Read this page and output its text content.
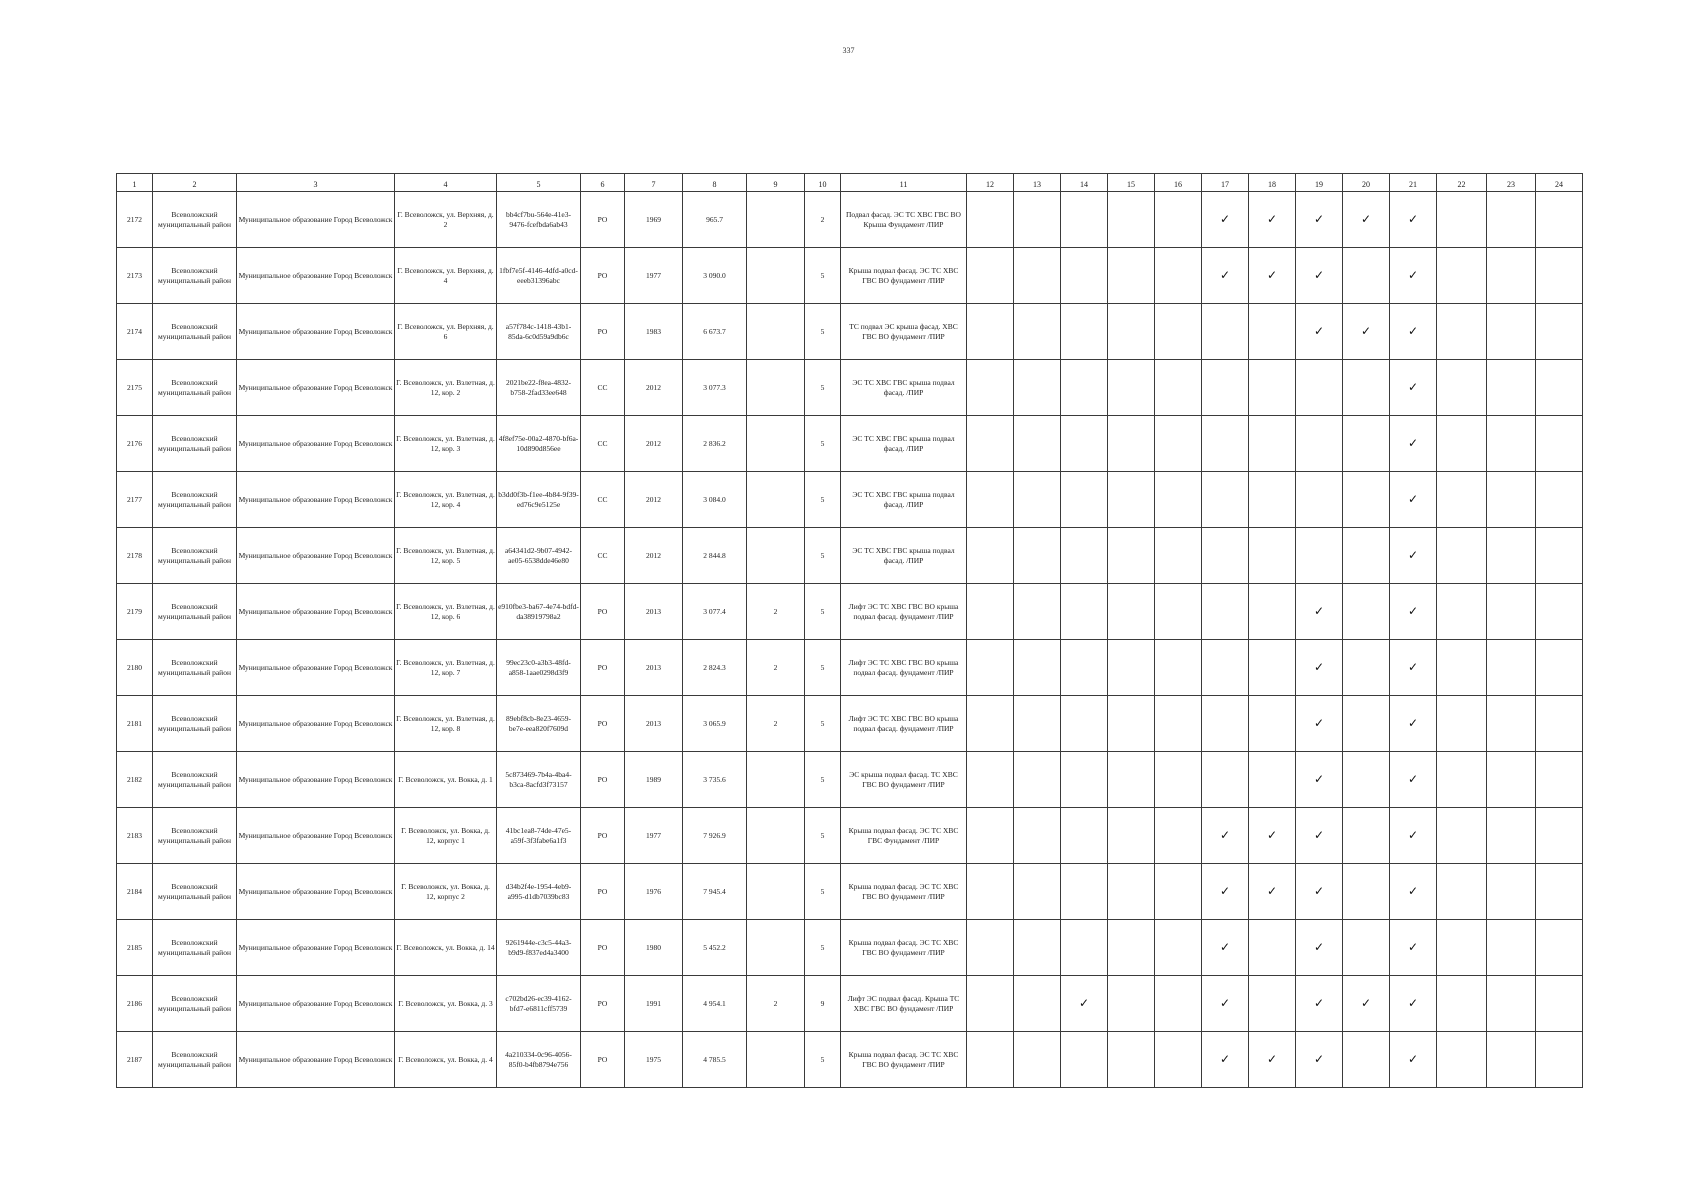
337
1	2	3	4	5	6	7	8	9	10	11	12	13	14	15	16	17	18	19	20	21	22	23	24
2172	Всеволожский муниципальный район	Муниципальное образование Город Всеволожск	Г. Всеволожск, ул. Верхняя, д. 2	bb4cf7bu-564e-41e3-9476-fcefbda6ab43	РО	1969	965.7		2	Подвал фасад. ЭС ТС ХВС ГВС ВО Крыша Фундамент /ПИР						✓	✓	✓	✓	✓			
2173	Всеволожский муниципальный район	Муниципальное образование Город Всеволожск	Г. Всеволожск, ул. Верхняя, д. 4	1fbf7e5f-4146-4dfd-a0cd-eeeb31396abc	РО	1977	3 090.0		5	Крыша подвал фасад. ЭС ТС ХВС ГВС ВО фундамент /ПИР						✓	✓	✓		✓			
2174	Всеволожский муниципальный район	Муниципальное образование Город Всеволожск	Г. Всеволожск, ул. Верхняя, д. 6	a57f784c-1418-43b1-85da-6c0d59a9db6c	РО	1983	6 673.7		5	ТС подвал ЭС крыша фасад. ХВС ГВС ВО фундамент /ПИР								✓	✓	✓			
2175	Всеволожский муниципальный район	Муниципальное образование Город Всеволожск	Г. Всеволожск, ул. Взлетная, д. 12, кор. 2	2021be22-f8ea-4832-b758-2fad33ee648	СС	2012	3 077.3		5	ЭС ТС ХВС ГВС крыша подвал фасад. /ПИР										✓			
2176	Всеволожский муниципальный район	Муниципальное образование Город Всеволожск	Г. Всеволожск, ул. Взлетная, д. 12, кор. 3	4f8ef75e-00a2-4870-bf6a-10d890d856ee	СС	2012	2 836.2		5	ЭС ТС ХВС ГВС крыша подвал фасад. /ПИР										✓			
2177	Всеволожский муниципальный район	Муниципальное образование Город Всеволожск	Г. Всеволожск, ул. Взлетная, д. 12, кор. 4	b3dd0f3b-f1ee-4b84-9f39-ed76c9e5125e	СС	2012	3 084.0		5	ЭС ТС ХВС ГВС крыша подвал фасад. /ПИР										✓			
2178	Всеволожский муниципальный район	Муниципальное образование Город Всеволожск	Г. Всеволожск, ул. Взлетная, д. 12, кор. 5	a64341d2-9b07-4942-ae05-6538dde46e80	СС	2012	2 844.8		5	ЭС ТС ХВС ГВС крыша подвал фасад. /ПИР										✓			
2179	Всеволожский муниципальный район	Муниципальное образование Город Всеволожск	Г. Всеволожск, ул. Взлетная, д. 12, кор. 6	e910fbe3-ba67-4e74-bdfd-da38919798a2	РО	2013	3 077.4	2	5	Лифт ЭС ТС ХВС ГВС ВО крыша подвал фасад. фундамент /ПИР								✓		✓			
2180	Всеволожский муниципальный район	Муниципальное образование Город Всеволожск	Г. Всеволожск, ул. Взлетная, д. 12, кор. 7	99ec23c0-a3b3-48fd-a858-1aae0298d3f9	РО	2013	2 824.3	2	5	Лифт ЭС ТС ХВС ГВС ВО крыша подвал фасад. фундамент /ПИР								✓		✓			
2181	Всеволожский муниципальный район	Муниципальное образование Город Всеволожск	Г. Всеволожск, ул. Взлетная, д. 12, кор. 8	89ebf8cb-8e23-4659-be7e-eea820f7609d	РО	2013	3 065.9	2	5	Лифт ЭС ТС ХВС ГВС ВО крыша подвал фасад. фундамент /ПИР								✓		✓			
2182	Всеволожский муниципальный район	Муниципальное образование Город Всеволожск	Г. Всеволожск, ул. Вокка, д. 1	5c873469-7b4a-4ba4-b3ca-8acfd3f73157	РО	1989	3 735.6		5	ЭС крыша подвал фасад. ТС ХВС ГВС ВО фундамент /ПИР								✓		✓			
2183	Всеволожский муниципальный район	Муниципальное образование Город Всеволожск	Г. Всеволожск, ул. Вокка, д. 12, корпус 1	41bc1ea8-74de-47e5-a59f-3f3fabe6a1f3	РО	1977	7 926.9		5	Крыша подвал фасад. ЭС ТС ХВС ГВС Фундамент /ПИР						✓	✓	✓		✓			
2184	Всеволожский муниципальный район	Муниципальное образование Город Всеволожск	Г. Всеволожск, ул. Вокка, д. 12, корпус 2	d34b2f4e-1954-4eb9-a995-d1db7039bc83	РО	1976	7 945.4		5	Крыша подвал фасад. ЭС ТС ХВС ГВС ВО фундамент /ПИР						✓	✓	✓		✓			
2185	Всеволожский муниципальный район	Муниципальное образование Город Всеволожск	Г. Всеволожск, ул. Вокка, д. 14	9261944e-c3c5-44a3-b9d9-f837ed4a3400	РО	1980	5 452.2		5	Крыша подвал фасад. ЭС ТС ХВС ГВС ВО фундамент /ПИР						✓		✓		✓			
2186	Всеволожский муниципальный район	Муниципальное образование Город Всеволожск	Г. Всеволожск, ул. Вокка, д. 3	c702bd26-ec39-4162-bfd7-e6811cff5739	РО	1991	4 954.1	2	9	Лифт ЭС подвал фасад. Крыша ТС ХВС ГВС ВО фундамент /ПИР			✓			✓		✓	✓	✓			
2187	Всеволожский муниципальный район	Муниципальное образование Город Всеволожск	Г. Всеволожск, ул. Вокка, д. 4	4a210334-0c96-4056-85f0-b4fb8794e756	РО	1975	4 785.5		5	Крыша подвал фасад. ЭС ТС ХВС ГВС ВО фундамент /ПИР						✓	✓	✓		✓			
